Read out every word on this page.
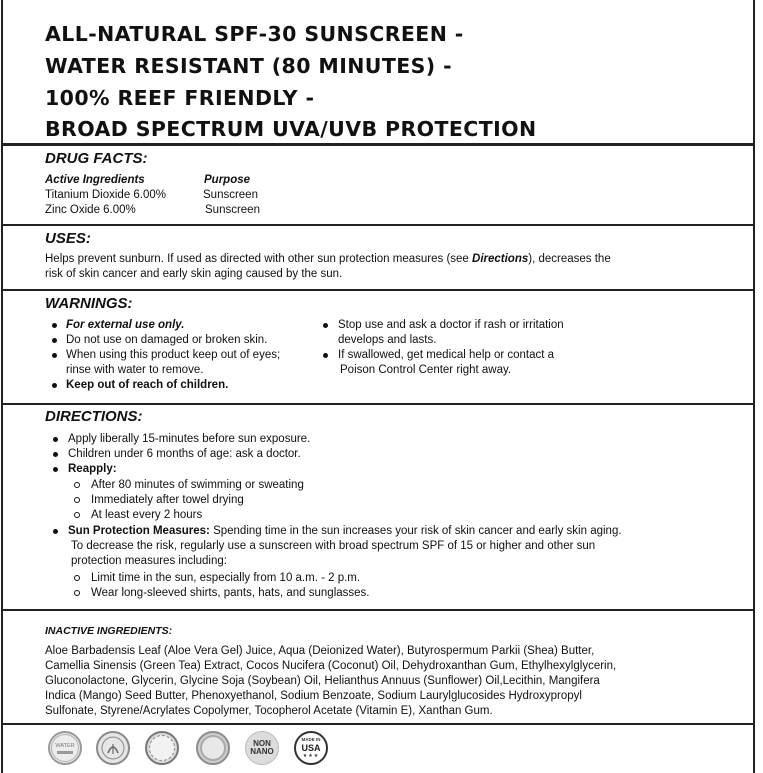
ALL-NATURAL SPF-30 SUNSCREEN -
WATER RESISTANT (80 MINUTES) -
100% REEF FRIENDLY -
BROAD SPECTRUM UVA/UVB PROTECTION
DRUG FACTS:
Active Ingredients	Purpose
Titanium Dioxide 6.00%	Sunscreen
Zinc Oxide 6.00%	Sunscreen
USES:
Helps prevent sunburn. If used as directed with other sun protection measures (see Directions), decreases the
risk of skin cancer and early skin aging caused by the sun.
WARNINGS:
For external use only.
Do not use on damaged or broken skin.
When using this product keep out of eyes;
rinse with water to remove.
Keep out of reach of children.
Stop use and ask a doctor if rash or irritation
develops and lasts.
If swallowed, get medical help or contact a
Poison Control Center right away.
DIRECTIONS:
Apply liberally 15-minutes before sun exposure.
Children under 6 months of age: ask a doctor.
Reapply:
After 80 minutes of swimming or sweating
Immediately after towel drying
At least every 2 hours
Sun Protection Measures: Spending time in the sun increases your risk of skin cancer and early skin aging.
To decrease the risk, regularly use a sunscreen with broad spectrum SPF of 15 or higher and other sun
protection measures including:
Limit time in the sun, especially from 10 a.m. - 2 p.m.
Wear long-sleeved shirts, pants, hats, and sunglasses.
INACTIVE INGREDIENTS:
Aloe Barbadensis Leaf (Aloe Vera Gel) Juice, Aqua (Deionized Water), Butyrospermum Parkii (Shea) Butter,
Camellia Sinensis (Green Tea) Extract, Cocos Nucifera (Coconut) Oil, Dehydroxanthan Gum, Ethylhexylglycerin,
Gluconolactone, Glycerin, Glycine Soja (Soybean) Oil, Helianthus Annuus (Sunflower) Oil,Lecithin, Mangifera
Indica (Mango) Seed Butter, Phenoxyethanol, Sodium Benzoate, Sodium Laurylglucosides Hydroxypropyl
Sulfonate, Styrene/Acrylates Copolymer, Tocopherol Acetate (Vitamin E), Xanthan Gum.
WATER	NON
NANO
MADE IN
USA
★★★
